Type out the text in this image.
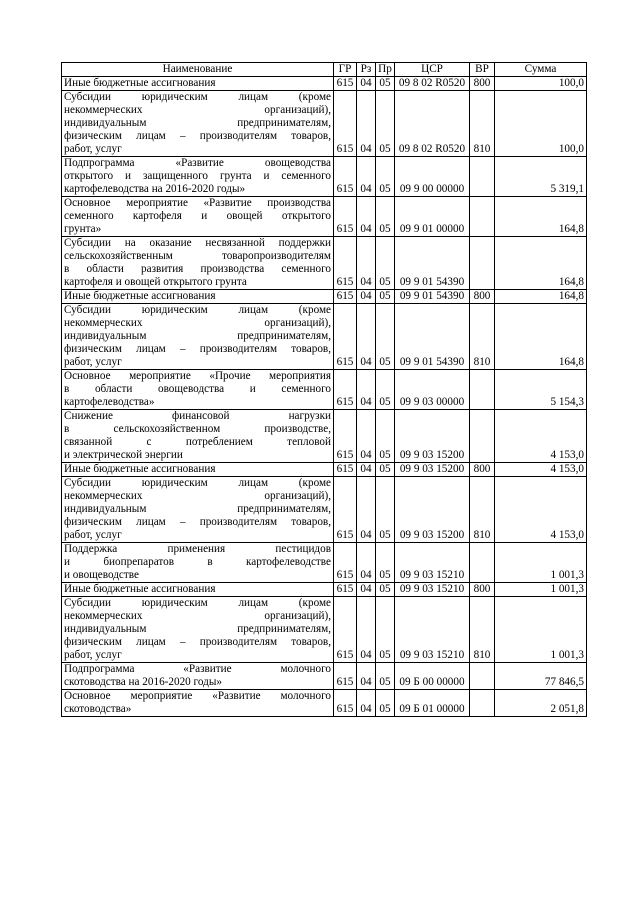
Наименование	ГР	Рз	Пр	ЦСР	ВР	Сумма

Иные бюджетные ассигнования	615	04	05	09 8 02 R0520	800	100,0

Субсидии юридическим лицам (кроме
некоммерческих организаций),
индивидуальным предпринимателям,
физическим лицам – производителям товаров,
работ, услуг	615	04	05	09 8 02 R0520	810	100,0

Подпрограмма «Развитие овощеводства
открытого и защищенного грунта и семенного
картофелеводства на 2016-2020 годы»	615	04	05	09 9 00 00000		5 319,1

Основное мероприятие «Развитие производства
семенного картофеля и овощей открытого
грунта»	615	04	05	09 9 01 00000		164,8

Субсидии на оказание несвязанной поддержки
сельскохозяйственным товаропроизводителям
в области развития производства семенного
картофеля и овощей открытого грунта	615	04	05	09 9 01 54390		164,8

Иные бюджетные ассигнования	615	04	05	09 9 01 54390	800	164,8

Субсидии юридическим лицам (кроме
некоммерческих организаций),
индивидуальным предпринимателям,
физическим лицам – производителям товаров,
работ, услуг	615	04	05	09 9 01 54390	810	164,8

Основное мероприятие «Прочие мероприятия
в области овощеводства и семенного
картофелеводства»	615	04	05	09 9 03 00000		5 154,3

Снижение финансовой нагрузки
в сельскохозяйственном производстве,
связанной с потреблением тепловой
и электрической энергии	615	04	05	09 9 03 15200		4 153,0

Иные бюджетные ассигнования	615	04	05	09 9 03 15200	800	4 153,0

Субсидии юридическим лицам (кроме
некоммерческих организаций),
индивидуальным предпринимателям,
физическим лицам – производителям товаров,
работ, услуг	615	04	05	09 9 03 15200	810	4 153,0

Поддержка применения пестицидов
и биопрепаратов в картофелеводстве
и овощеводстве	615	04	05	09 9 03 15210		1 001,3

Иные бюджетные ассигнования	615	04	05	09 9 03 15210	800	1 001,3

Субсидии юридическим лицам (кроме
некоммерческих организаций),
индивидуальным предпринимателям,
физическим лицам – производителям товаров,
работ, услуг	615	04	05	09 9 03 15210	810	1 001,3

Подпрограмма «Развитие молочного
скотоводства на 2016-2020 годы»	615	04	05	09 Б 00 00000		77 846,5

Основное мероприятие «Развитие молочного
скотоводства»	615	04	05	09 Б 01 00000		2 051,8
